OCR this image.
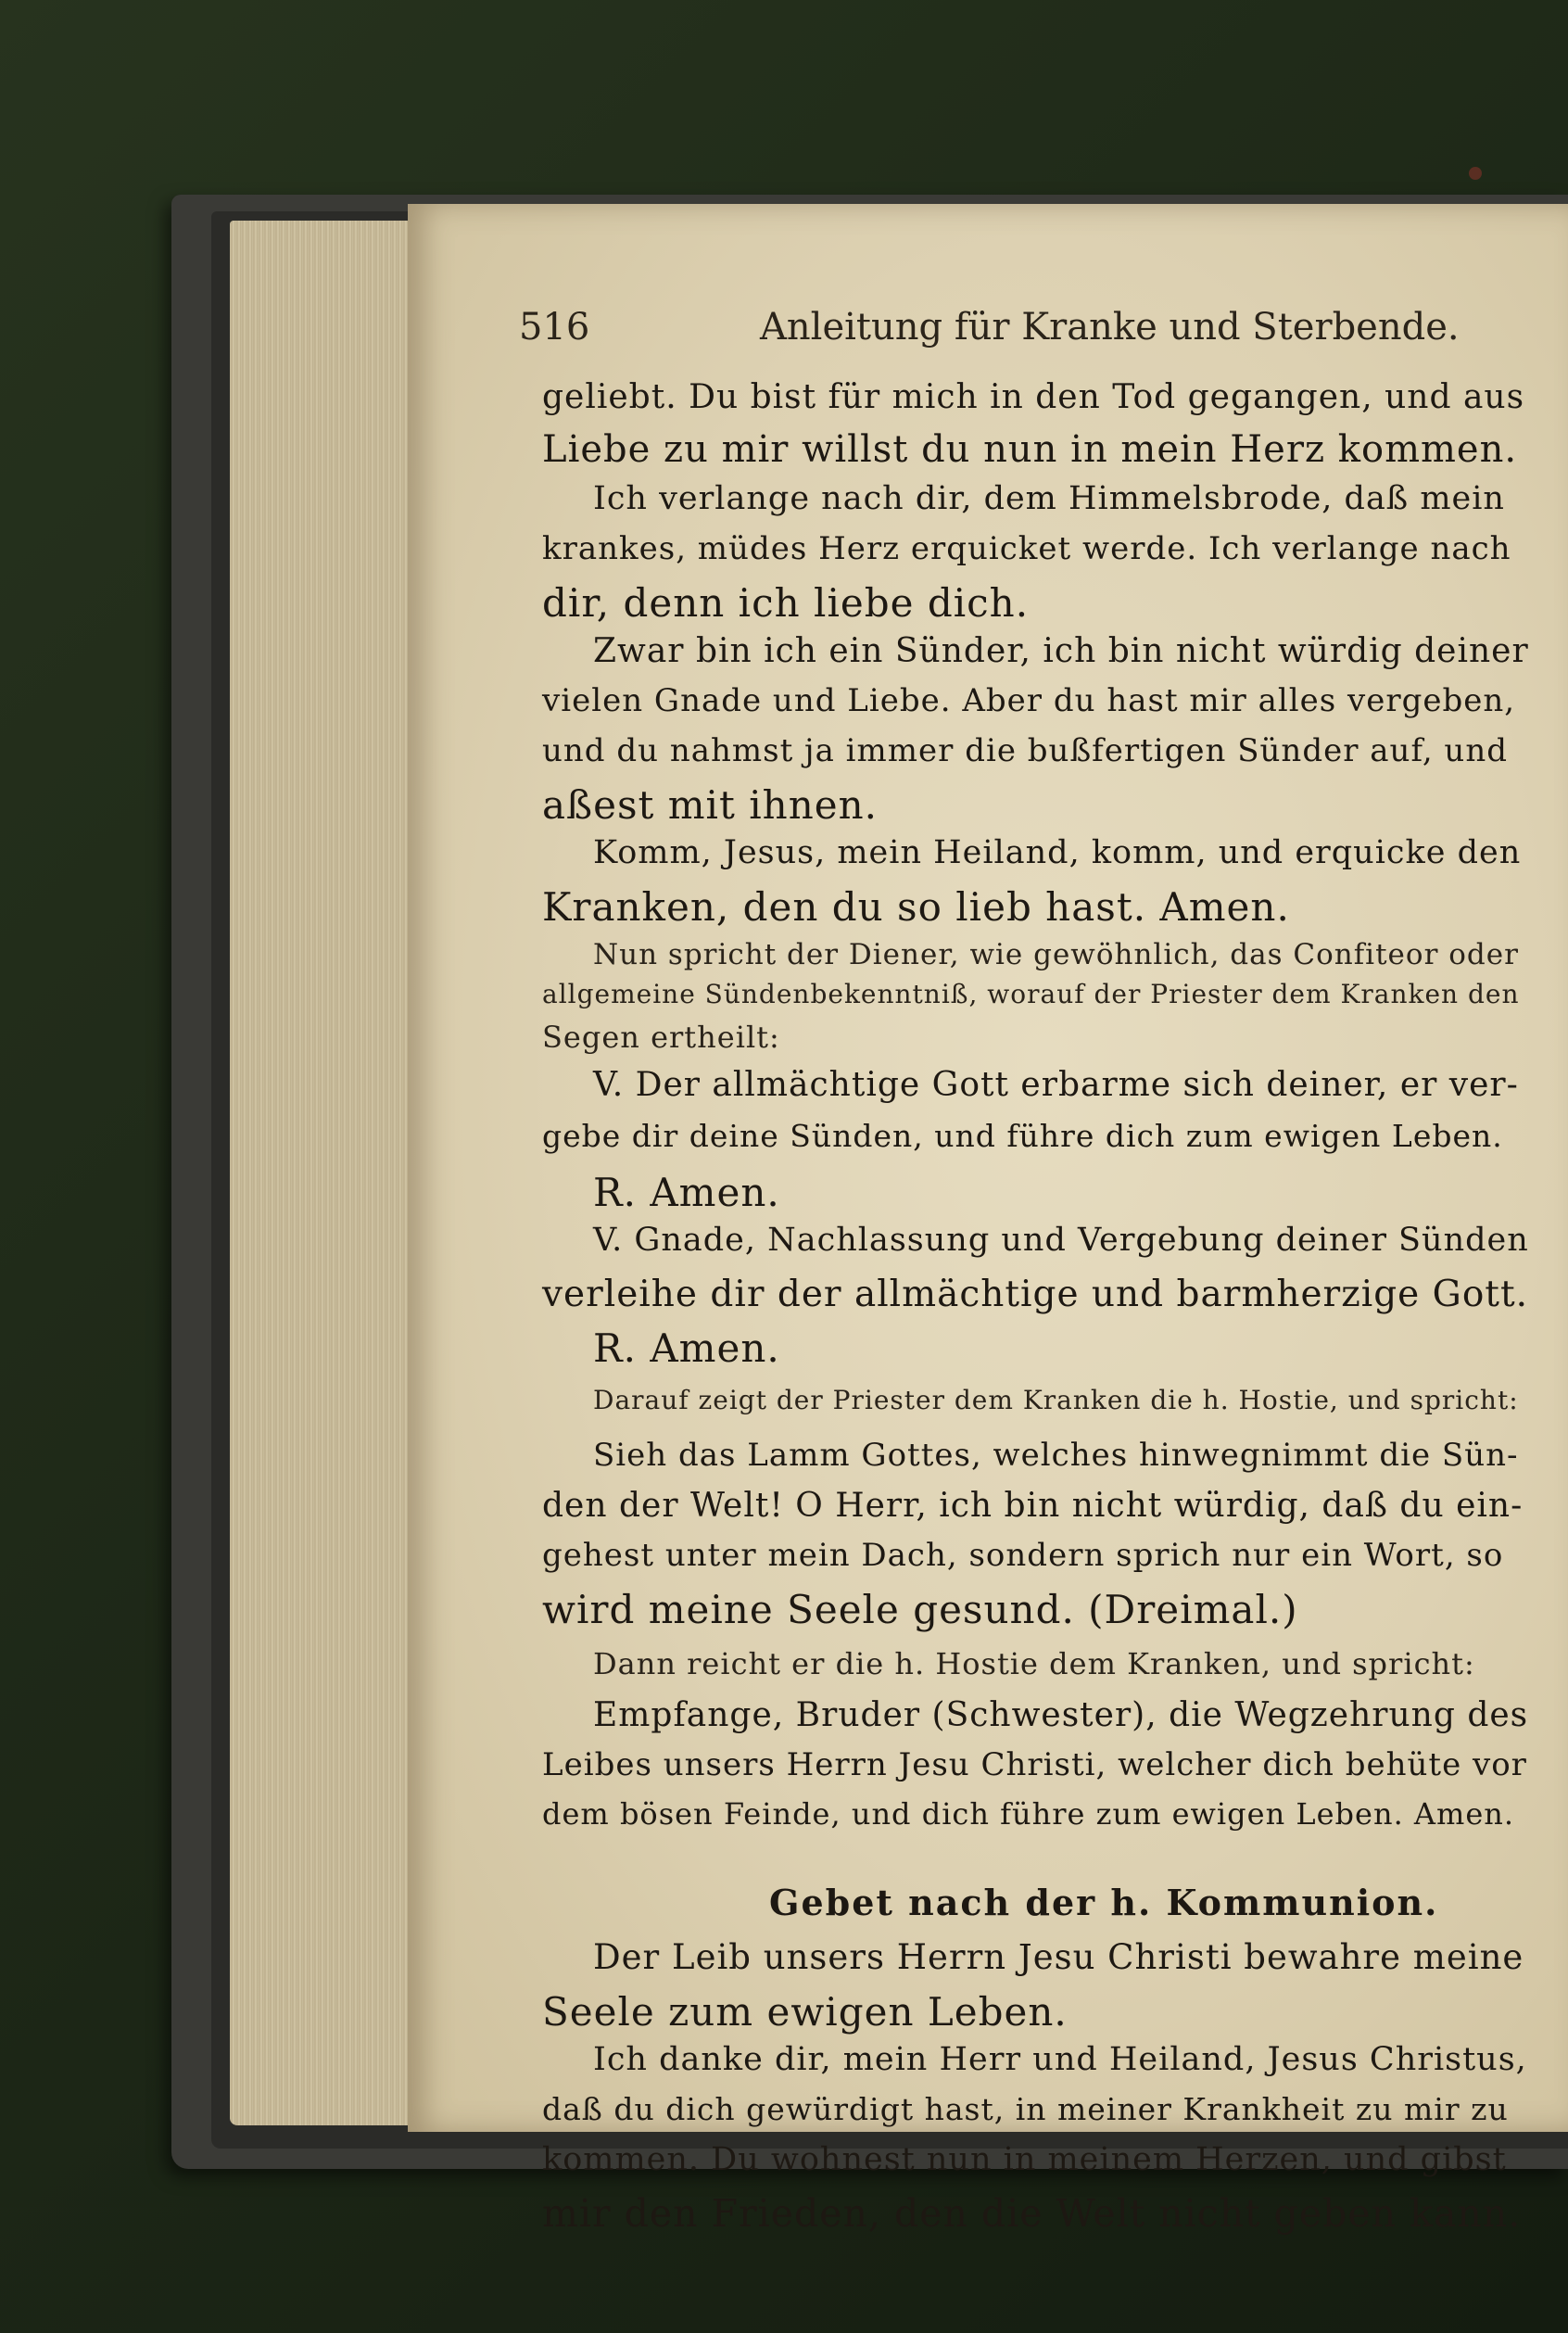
516	Anleitung für Kranke und Sterbende.
geliebt. Du bist für mich in den Tod gegangen, und aus
Liebe zu mir willst du nun in mein Herz kommen.
Ich verlange nach dir, dem Himmelsbrode, daß mein
krankes, müdes Herz erquicket werde. Ich verlange nach
dir, denn ich liebe dich.
Zwar bin ich ein Sünder, ich bin nicht würdig deiner
vielen Gnade und Liebe. Aber du hast mir alles vergeben,
und du nahmst ja immer die bußfertigen Sünder auf, und
aßest mit ihnen.
Komm, Jesus, mein Heiland, komm, und erquicke den
Kranken, den du so lieb hast. Amen.
Nun spricht der Diener, wie gewöhnlich, das Confiteor oder
allgemeine Sündenbekenntniß, worauf der Priester dem Kranken den
Segen ertheilt:
V. Der allmächtige Gott erbarme sich deiner, er ver-
gebe dir deine Sünden, und führe dich zum ewigen Leben.
R. Amen.
V. Gnade, Nachlassung und Vergebung deiner Sünden
verleihe dir der allmächtige und barmherzige Gott.
R. Amen.
Darauf zeigt der Priester dem Kranken die h. Hostie, und spricht:
Sieh das Lamm Gottes, welches hinwegnimmt die Sün-
den der Welt! O Herr, ich bin nicht würdig, daß du ein-
gehest unter mein Dach, sondern sprich nur ein Wort, so
wird meine Seele gesund. (Dreimal.)
Dann reicht er die h. Hostie dem Kranken, und spricht:
Empfange, Bruder (Schwester), die Wegzehrung des
Leibes unsers Herrn Jesu Christi, welcher dich behüte vor
dem bösen Feinde, und dich führe zum ewigen Leben. Amen.
Gebet nach der h. Kommunion.
Der Leib unsers Herrn Jesu Christi bewahre meine
Seele zum ewigen Leben.
Ich danke dir, mein Herr und Heiland, Jesus Christus,
daß du dich gewürdigt hast, in meiner Krankheit zu mir zu
kommen. Du wohnest nun in meinem Herzen, und gibst
mir den Frieden, den die Welt nicht geben kann.
